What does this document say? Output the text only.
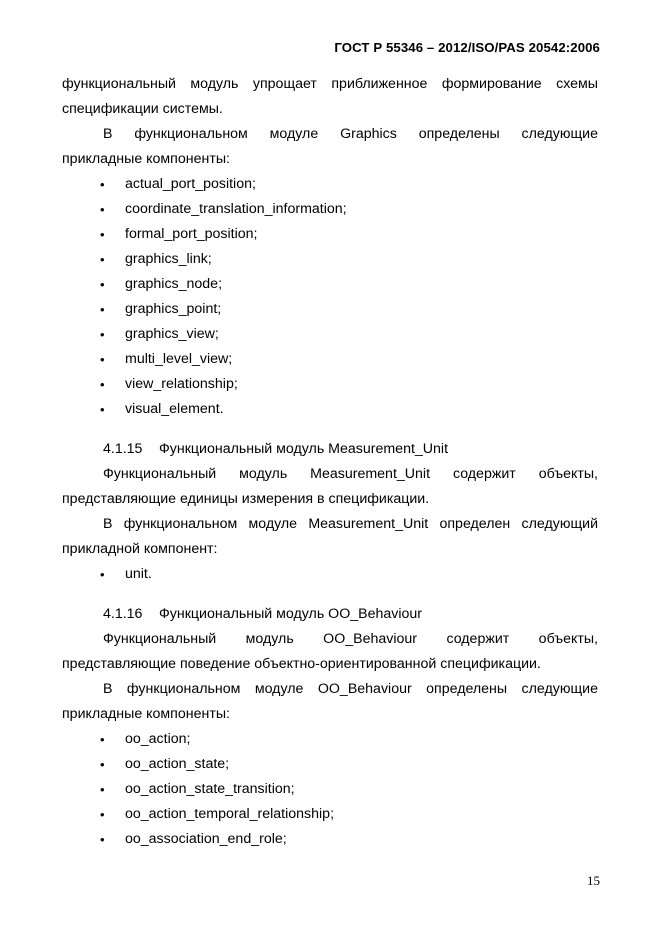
ГОСТ Р 55346 – 2012/ISO/PAS 20542:2006

функциональный модуль упрощает приближенное формирование схемы

спецификации системы.

В функциональном модуле Graphics определены следующие

прикладные компоненты:

• actual_port_position;
• coordinate_translation_information;
• formal_port_position;
• graphics_link;
• graphics_node;
• graphics_point;
• graphics_view;
• multi_level_view;
• view_relationship;
• visual_element.

4.1.15 Функциональный модуль Measurement_Unit

Функциональный модуль Measurement_Unit содержит объекты,

представляющие единицы измерения в спецификации.

В функциональном модуле Measurement_Unit определен следующий

прикладной компонент:

• unit.

4.1.16 Функциональный модуль OO_Behaviour

Функциональный модуль OO_Behaviour содержит объекты,

представляющие поведение объектно-ориентированной спецификации.

В функциональном модуле OO_Behaviour определены следующие

прикладные компоненты:

• oo_action;
• oo_action_state;
• oo_action_state_transition;
• oo_action_temporal_relationship;
• oo_association_end_role;
15
